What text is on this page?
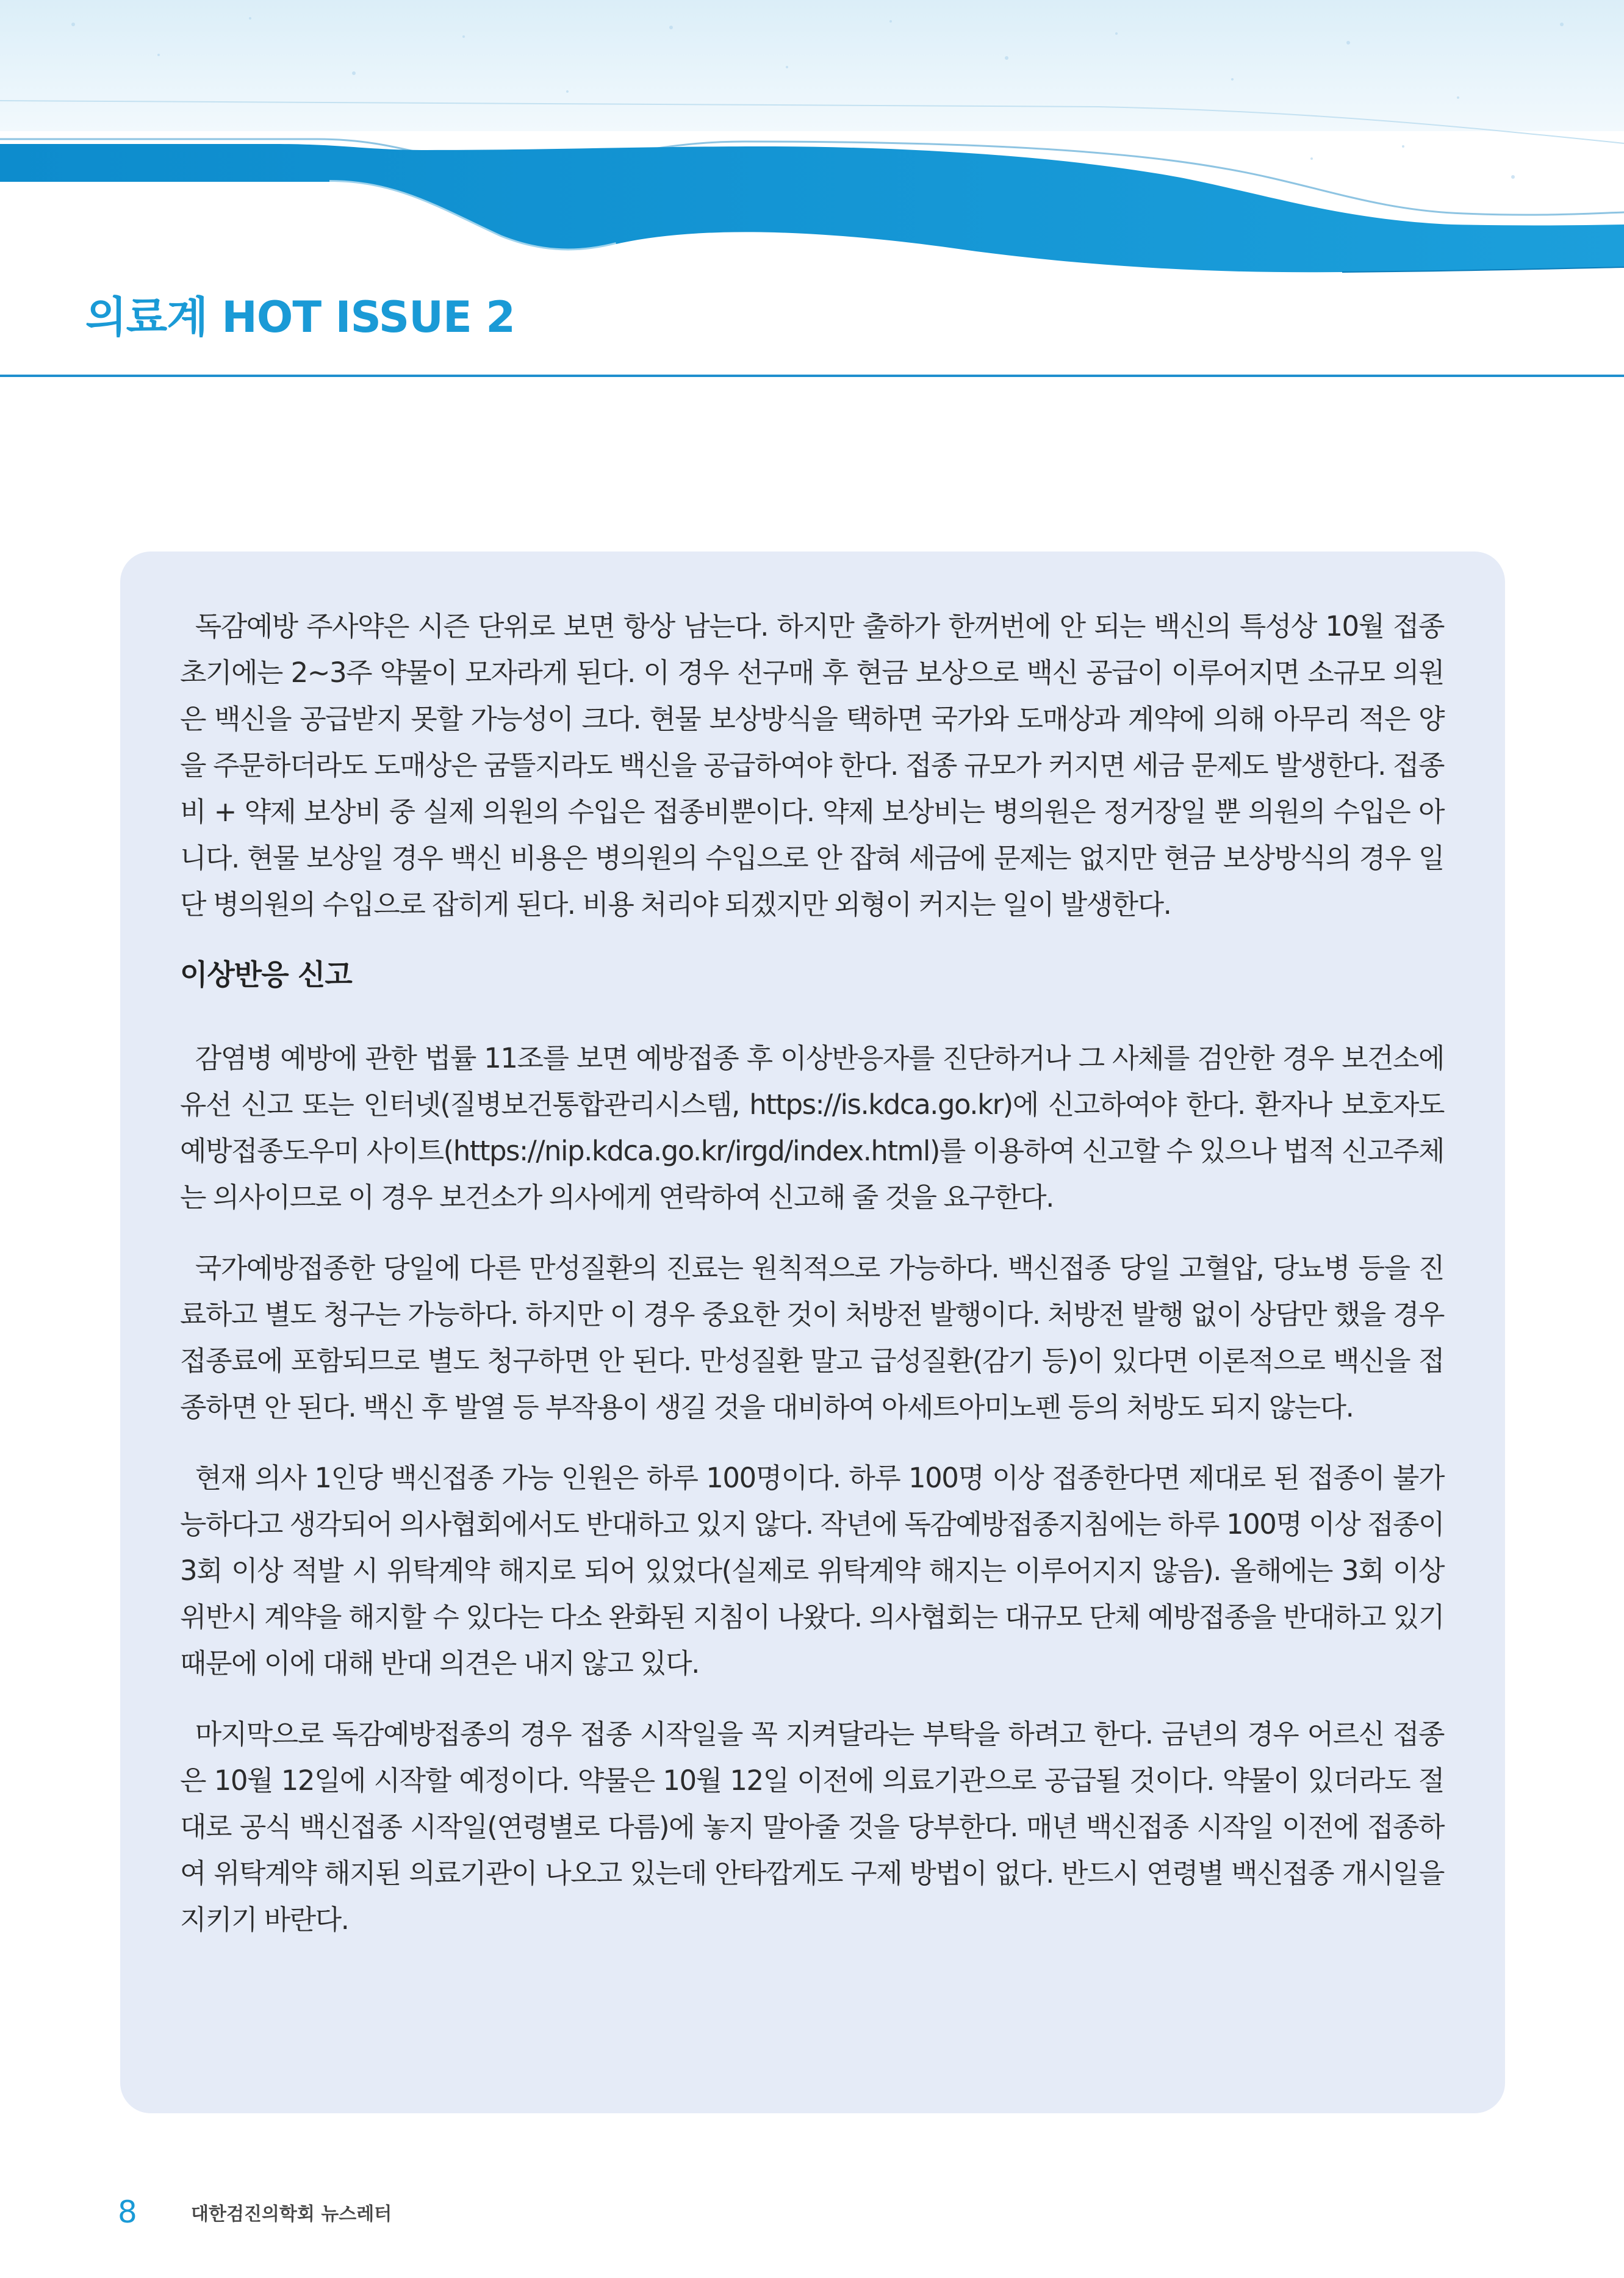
의료계 HOT ISSUE 2

독감예방 주사약은 시즌 단위로 보면 항상 남는다. 하지만 출하가 한꺼번에 안 되는 백신의 특성상 10월 접종 초기에는 2~3주 약물이 모자라게 된다. 이 경우 선구매 후 현금 보상으로 백신 공급이 이루어지면 소규모 의원은 백신을 공급받지 못할 가능성이 크다. 현물 보상방식을 택하면 국가와 도매상과 계약에 의해 아무리 적은 양을 주문하더라도 도매상은 굼뜰지라도 백신을 공급하여야 한다. 접종 규모가 커지면 세금 문제도 발생한다. 접종비 + 약제 보상비 중 실제 의원의 수입은 접종비뿐이다. 약제 보상비는 병의원은 정거장일 뿐 의원의 수입은 아니다. 현물 보상일 경우 백신 비용은 병의원의 수입으로 안 잡혀 세금에 문제는 없지만 현금 보상방식의 경우 일단 병의원의 수입으로 잡히게 된다. 비용 처리야 되겠지만 외형이 커지는 일이 발생한다.

이상반응 신고

감염병 예방에 관한 법률 11조를 보면 예방접종 후 이상반응자를 진단하거나 그 사체를 검안한 경우 보건소에 유선 신고 또는 인터넷(질병보건통합관리시스템, https://is.kdca.go.kr)에 신고하여야 한다. 환자나 보호자도 예방접종도우미 사이트(https://nip.kdca.go.kr/irgd/index.html)를 이용하여 신고할 수 있으나 법적 신고주체는 의사이므로 이 경우 보건소가 의사에게 연락하여 신고해 줄 것을 요구한다.

국가예방접종한 당일에 다른 만성질환의 진료는 원칙적으로 가능하다. 백신접종 당일 고혈압, 당뇨병 등을 진료하고 별도 청구는 가능하다. 하지만 이 경우 중요한 것이 처방전 발행이다. 처방전 발행 없이 상담만 했을 경우 접종료에 포함되므로 별도 청구하면 안 된다. 만성질환 말고 급성질환(감기 등)이 있다면 이론적으로 백신을 접종하면 안 된다. 백신 후 발열 등 부작용이 생길 것을 대비하여 아세트아미노펜 등의 처방도 되지 않는다.

현재 의사 1인당 백신접종 가능 인원은 하루 100명이다. 하루 100명 이상 접종한다면 제대로 된 접종이 불가능하다고 생각되어 의사협회에서도 반대하고 있지 않다. 작년에 독감예방접종지침에는 하루 100명 이상 접종이 3회 이상 적발 시 위탁계약 해지로 되어 있었다(실제로 위탁계약 해지는 이루어지지 않음). 올해에는 3회 이상 위반시 계약을 해지할 수 있다는 다소 완화된 지침이 나왔다. 의사협회는 대규모 단체 예방접종을 반대하고 있기 때문에 이에 대해 반대 의견은 내지 않고 있다.

마지막으로 독감예방접종의 경우 접종 시작일을 꼭 지켜달라는 부탁을 하려고 한다. 금년의 경우 어르신 접종은 10월 12일에 시작할 예정이다. 약물은 10월 12일 이전에 의료기관으로 공급될 것이다. 약물이 있더라도 절대로 공식 백신접종 시작일(연령별로 다름)에 놓지 말아줄 것을 당부한다. 매년 백신접종 시작일 이전에 접종하여 위탁계약 해지된 의료기관이 나오고 있는데 안타깝게도 구제 방법이 없다. 반드시 연령별 백신접종 개시일을 지키기 바란다.

8	대한검진의학회 뉴스레터
